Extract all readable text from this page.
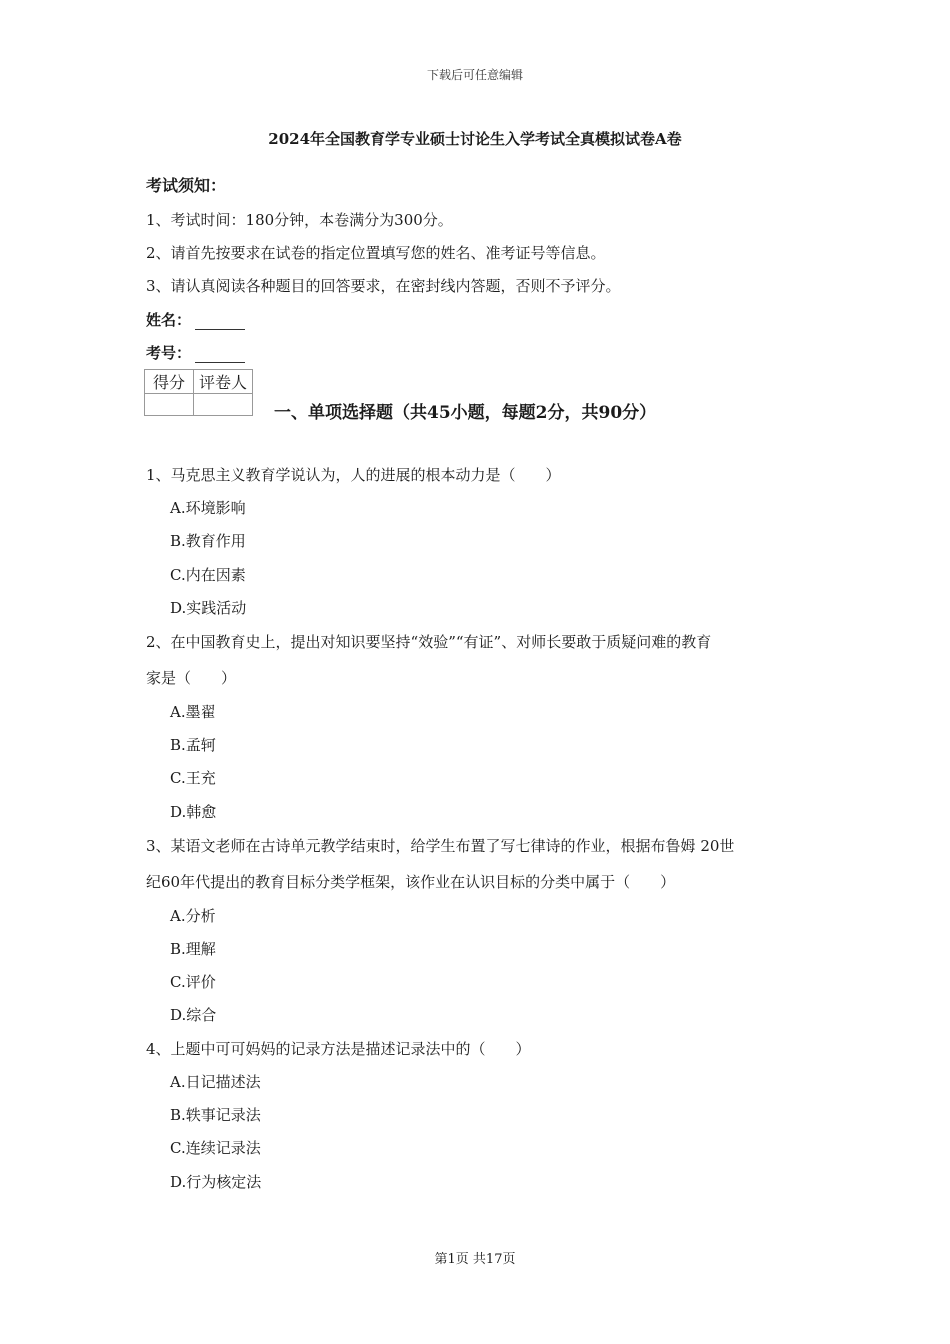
下载后可任意编辑
2024年全国教育学专业硕士讨论生入学考试全真模拟试卷A卷
考试须知：
1、考试时间：180分钟，本卷满分为300分。
2、请首先按要求在试卷的指定位置填写您的姓名、准考证号等信息。
3、请认真阅读各种题目的回答要求，在密封线内答题，否则不予评分。
姓名：
考号：
得分	评卷人

一、单项选择题（共45小题，每题2分，共90分）
1、马克思主义教育学说认为，人的进展的根本动力是（　　）
A.环境影响
B.教育作用
C.内在因素
D.实践活动
2、在中国教育史上，提出对知识要坚持“效验”“有证”、对师长要敢于质疑问难的教育
家是（　　）
A.墨翟
B.孟轲
C.王充
D.韩愈
3、某语文老师在古诗单元教学结束时，给学生布置了写七律诗的作业，根据布鲁姆 20世
纪60年代提出的教育目标分类学框架，该作业在认识目标的分类中属于（　　）
A.分析
B.理解
C.评价
D.综合
4、上题中可可妈妈的记录方法是描述记录法中的（　　）
A.日记描述法
B.轶事记录法
C.连续记录法
D.行为核定法
第1页 共17页
